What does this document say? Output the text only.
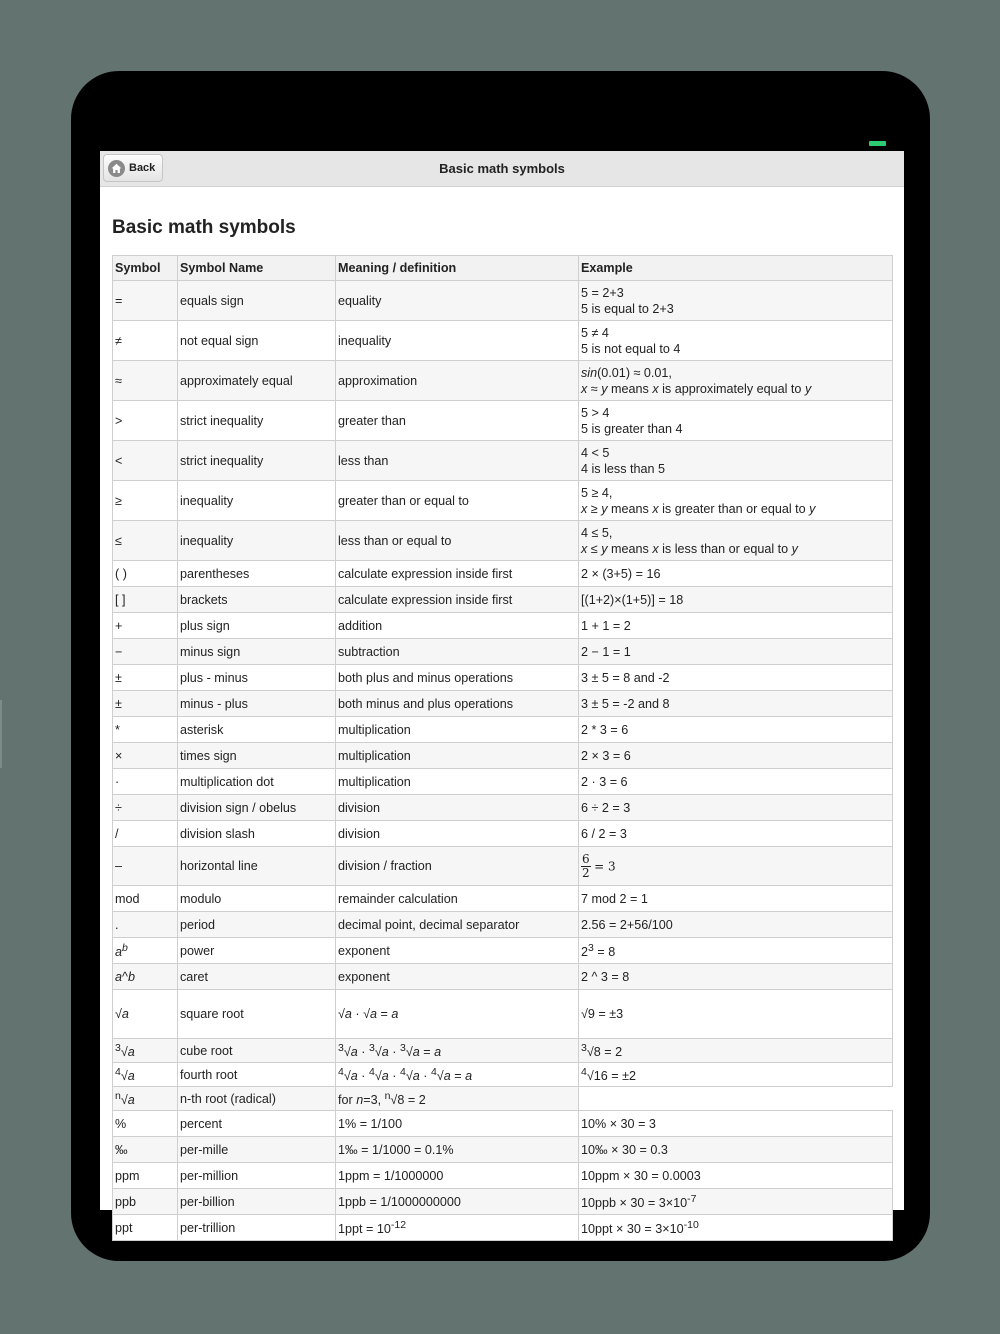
Back	Basic math symbols
Basic math symbols
Symbol	Symbol Name	Meaning / definition	Example
=	equals sign	equality	5 = 2+3
5 is equal to 2+3
≠	not equal sign	inequality	5 ≠ 4
5 is not equal to 4
≈	approximately equal	approximation	sin(0.01) ≈ 0.01,
x ≈ y means x is approximately equal to y
>	strict inequality	greater than	5 > 4
5 is greater than 4
<	strict inequality	less than	4 < 5
4 is less than 5
≥	inequality	greater than or equal to	5 ≥ 4,
x ≥ y means x is greater than or equal to y
≤	inequality	less than or equal to	4 ≤ 5,
x ≤ y means x is less than or equal to y
( )	parentheses	calculate expression inside first	2 × (3+5) = 16
[ ]	brackets	calculate expression inside first	[(1+2)×(1+5)] = 18
+	plus sign	addition	1 + 1 = 2
−	minus sign	subtraction	2 − 1 = 1
±	plus - minus	both plus and minus operations	3 ± 5 = 8 and -2
±	minus - plus	both minus and plus operations	3 ± 5 = -2 and 8
*	asterisk	multiplication	2 * 3 = 6
×	times sign	multiplication	2 × 3 = 6
·	multiplication dot	multiplication	2 · 3 = 6
÷	division sign / obelus	division	6 ÷ 2 = 3
/	division slash	division	6 / 2 = 3
–	horizontal line	division / fraction	$\frac{6}{2} = 3$
mod	modulo	remainder calculation	7 mod 2 = 1
.	period	decimal point, decimal separator	2.56 = 2+56/100
$a^b$	power	exponent	$2^3 = 8$
a^b	caret	exponent	2 ^ 3 = 8
√a	square root	√a · √a = a	√9 = ±3
$^3$√a	cube root	$^3$√a · $^3$√a · $^3$√a = a	$^3$√8 = 2
$^4$√a	fourth root	$^4$√a · $^4$√a · $^4$√a · $^4$√a = a	$^4$√16 = ±2
$^n$√a	n-th root (radical)	for n=3, $^n$√8 = 2	
%	percent	1% = 1/100	10% × 30 = 3
‰	per-mille	1‰ = 1/1000 = 0.1%	10‰ × 30 = 0.3
ppm	per-million	1ppm = 1/1000000	10ppm × 30 = 0.0003
ppb	per-billion	1ppb = 1/1000000000	$10ppb \times 30 = 3\times 10^{-7}$
ppt	per-trillion	$1ppt = 10^{-12}$	$10ppt \times 30 = 3\times 10^{-10}$
